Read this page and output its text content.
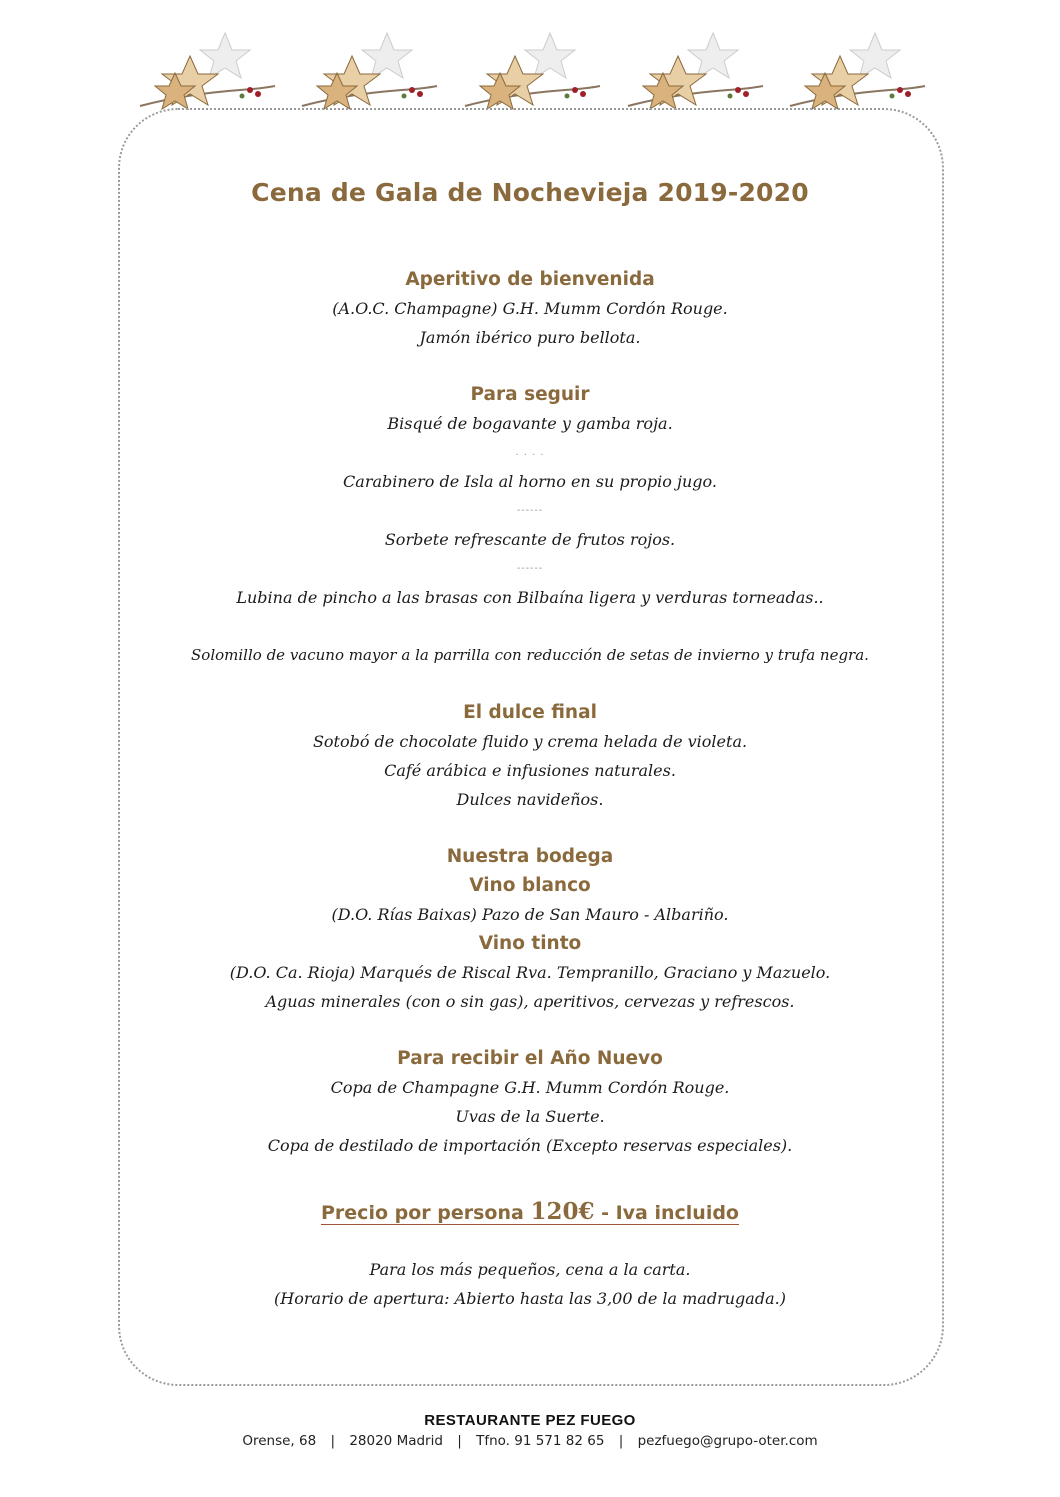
Cena de Gala de Nochevieja 2019-2020
Aperitivo de bienvenida
(A.O.C. Champagne) G.H. Mumm Cordón Rouge.
Jamón ibérico puro bellota.
Para seguir
Bisqué de bogavante y gamba roja.
. . . .
Carabinero de Isla al horno en su propio jugo.
------
Sorbete refrescante de frutos rojos.
------
Lubina de pincho a las brasas con Bilbaína ligera y verduras torneadas..
Solomillo de vacuno mayor a la parrilla con reducción de setas de invierno y trufa negra.
El dulce final
Sotobó de chocolate fluido y crema helada de violeta.
Café arábica e infusiones naturales.
Dulces navideños.
Nuestra bodega
Vino blanco
(D.O. Rías Baixas) Pazo de San Mauro - Albariño.
Vino tinto
(D.O. Ca. Rioja) Marqués de Riscal Rva. Tempranillo, Graciano y Mazuelo.
Aguas minerales (con o sin gas), aperitivos, cervezas y refrescos.
Para recibir el Año Nuevo
Copa de Champagne G.H. Mumm Cordón Rouge.
Uvas de la Suerte.
Copa de destilado de importación (Excepto reservas especiales).
Precio por persona 120€ - Iva incluido
Para los más pequeños, cena a la carta.
(Horario de apertura: Abierto hasta las 3,00 de la madrugada.)
RESTAURANTE PEZ FUEGO
Orense, 68 | 28020 Madrid | Tfno. 91 571 82 65 | pezfuego@grupo-oter.com
